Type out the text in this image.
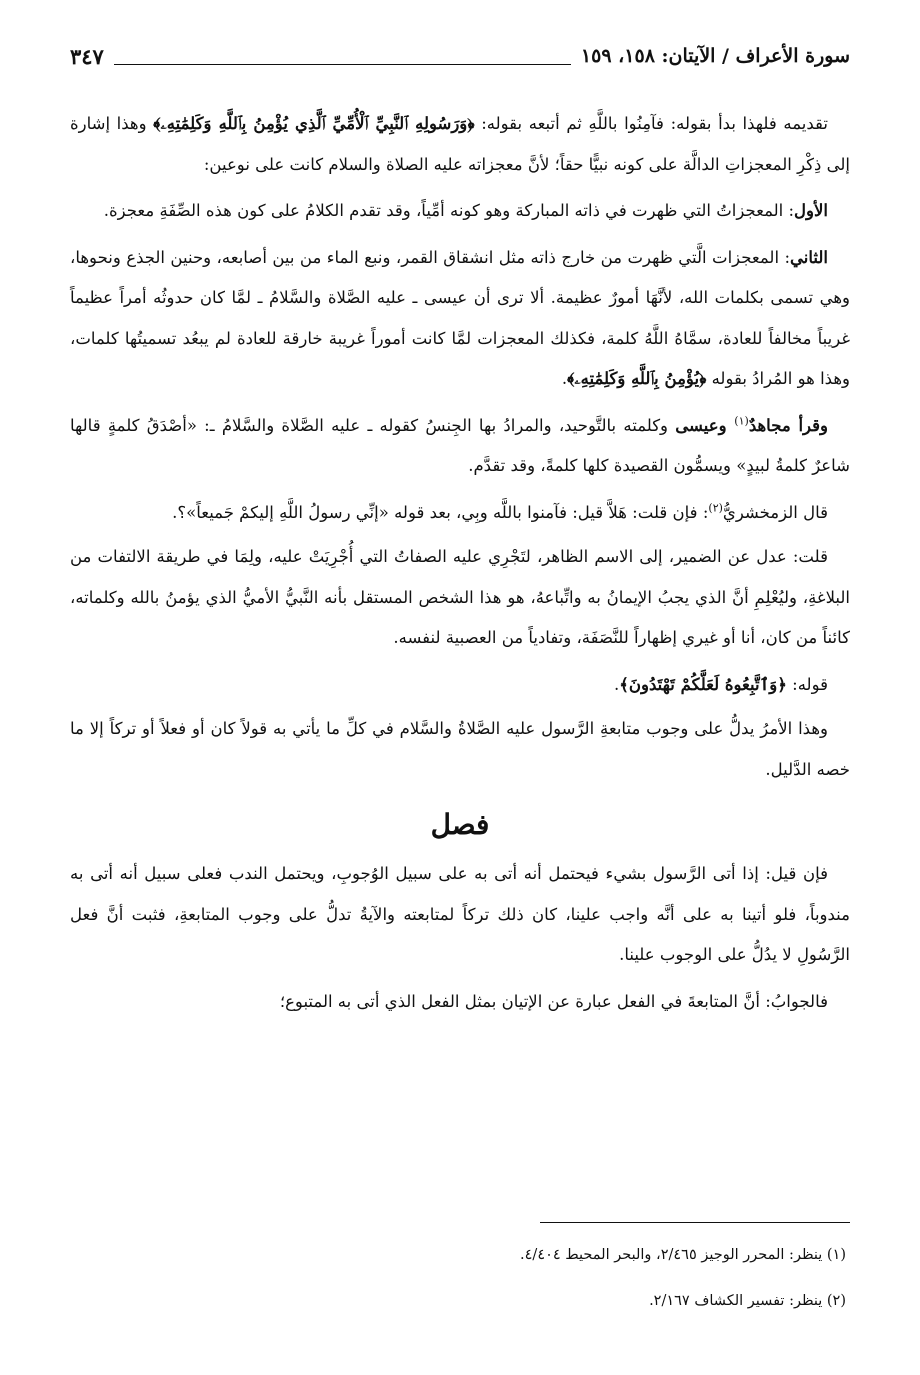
سورة الأعراف / الآيتان: ١٥٨، ١٥٩
٣٤٧

تقديمه فلهذا بدأ بقوله: فآمِنُوا باللَّهِ ثم أتبعه بقوله: ﴿وَرَسُولِهِ ٱلنَّبِيِّ ٱلْأُمِّيِّ ٱلَّذِي يُؤْمِنُ بِٱللَّهِ وَكَلِمَٰتِهِۦ﴾ وهذا إشارة إلى ذِكْرِ المعجزاتِ الدالَّة على كونه نبيًّا حقاً؛ لأنَّ معجزاته عليه الصلاة والسلام كانت على نوعين:

الأول: المعجزاتُ التي ظهرت في ذاته المباركة وهو كونه أمِّياً، وقد تقدم الكلامُ على كون هذه الصِّفَةِ معجزة.

الثاني: المعجزات الَّتي ظهرت من خارج ذاته مثل انشقاق القمر، ونبع الماء من بين أصابعه، وحنين الجذع ونحوها، وهي تسمى بكلمات الله، لأنَّهَا أمورٌ عظيمة. ألا ترى أن عيسى ـ عليه الصَّلاة والسَّلامُ ـ لمَّا كان حدوثُه أمراً عظيماً غريباً مخالفاً للعادة، سمَّاهُ اللَّهُ كلمة، فكذلك المعجزات لمَّا كانت أموراً غريبة خارقة للعادة لم يبعُد تسميتُها كلمات، وهذا هو المُرادُ بقوله ﴿يُؤْمِنُ بِٱللَّهِ وَكَلِمَٰتِهِۦ﴾.

وقرأ مجاهدٌ$^{(١)}$ وعيسى وكلمته بالتَّوحيد، والمرادُ بها الجِنسُ كقوله ـ عليه الصَّلاة والسَّلامُ ـ: «أصْدَقُ كلمةٍ قالها شاعرٌ كلمةُ لبيدٍ» ويسمُّون القصيدة كلها كلمةً، وقد تقدَّم.

قال الزمخشريُّ$^{(٢)}$: فإن قلت: هَلاَّ قيل: فآمنوا باللَّه وبِي، بعد قوله «إنِّي رسولُ اللَّهِ إليكمْ جَميعاً»؟.

قلت: عدل عن الضمير، إلى الاسم الظاهر، لتَجْرِي عليه الصفاتُ التي أُجْرِيَتْ عليه، ولِمَا في طريقة الالتفات من البلاغةِ، وليُعْلِمِ أنَّ الذي يجبُ الإيمانُ به واتِّباعهُ، هو هذا الشخص المستقل بأنه النَّبيُّ الأميُّ الذي يؤمنُ بالله وكلماته، كائناً من كان، أنا أو غيري إظهاراً للنَّصَفَة، وتفادياً من العصبية لنفسه.

قوله: ﴿وَٱتَّبِعُوهُ لَعَلَّكُمْ تَهْتَدُونَ﴾.

وهذا الأمرُ يدلُّ على وجوب متابعةِ الرَّسول عليه الصَّلاةُ والسَّلام في كلِّ ما يأتي به قولاً كان أو فعلاً أو تركاً إلا ما خصه الدَّليل.

فصل

فإن قيل: إذا أتى الرَّسول بشيء فيحتمل أنه أتى به على سبيل الوُجوبِ، ويحتمل الندب فعلى سبيل أنه أتى به مندوباً، فلو أتينا به على أنَّه واجب علينا، كان ذلك تركاً لمتابعته والآيةُ تدلُّ على وجوب المتابعةِ، فثبت أنَّ فعل الرَّسُولِ لا يدُلُّ على الوجوب علينا.

فالجوابُ: أنَّ المتابعةَ في الفعل عبارة عن الإتيان بمثل الفعل الذي أتى به المتبوع؛

(١) ينظر: المحرر الوجيز ٢/٤٦٥، والبحر المحيط ٤/٤٠٤.
(٢) ينظر: تفسير الكشاف ٢/١٦٧.
